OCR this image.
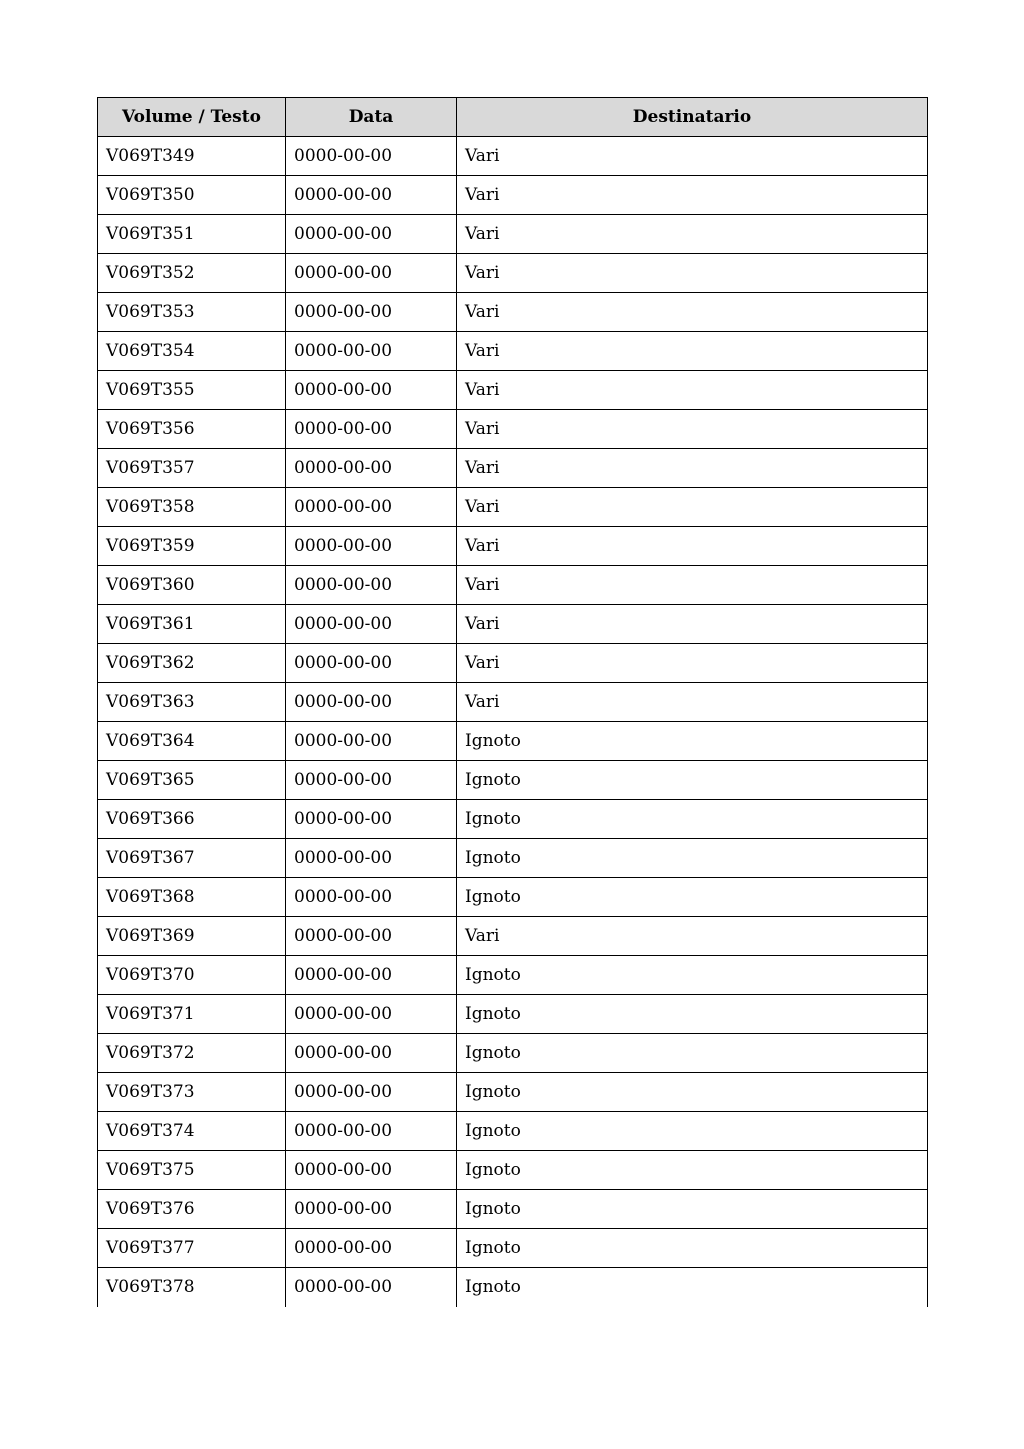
Volume / Testo	Data	Destinatario
V069T349	0000-00-00	Vari
V069T350	0000-00-00	Vari
V069T351	0000-00-00	Vari
V069T352	0000-00-00	Vari
V069T353	0000-00-00	Vari
V069T354	0000-00-00	Vari
V069T355	0000-00-00	Vari
V069T356	0000-00-00	Vari
V069T357	0000-00-00	Vari
V069T358	0000-00-00	Vari
V069T359	0000-00-00	Vari
V069T360	0000-00-00	Vari
V069T361	0000-00-00	Vari
V069T362	0000-00-00	Vari
V069T363	0000-00-00	Vari
V069T364	0000-00-00	Ignoto
V069T365	0000-00-00	Ignoto
V069T366	0000-00-00	Ignoto
V069T367	0000-00-00	Ignoto
V069T368	0000-00-00	Ignoto
V069T369	0000-00-00	Vari
V069T370	0000-00-00	Ignoto
V069T371	0000-00-00	Ignoto
V069T372	0000-00-00	Ignoto
V069T373	0000-00-00	Ignoto
V069T374	0000-00-00	Ignoto
V069T375	0000-00-00	Ignoto
V069T376	0000-00-00	Ignoto
V069T377	0000-00-00	Ignoto
V069T378	0000-00-00	Ignoto
